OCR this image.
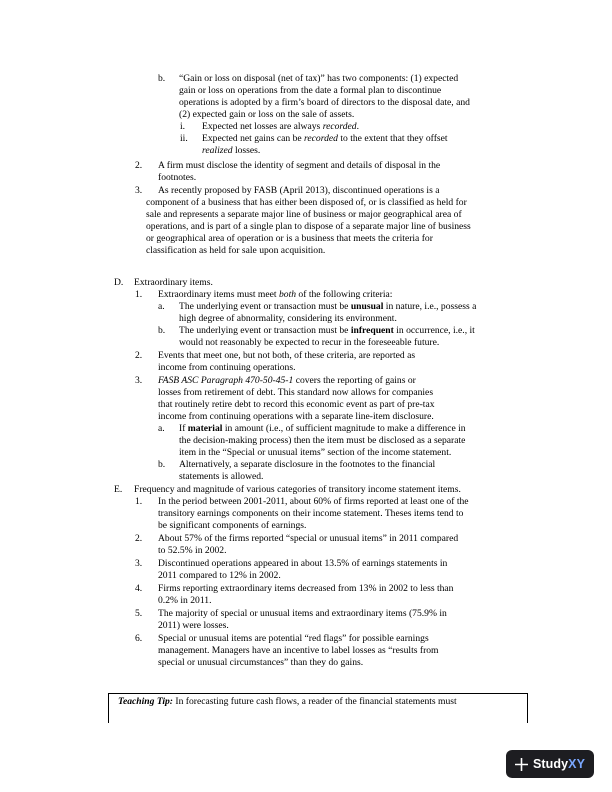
b. “Gain or loss on disposal (net of tax)” has two components: (1) expected
gain or loss on operations from the date a formal plan to discontinue
operations is adopted by a firm’s board of directors to the disposal date, and
(2) expected gain or loss on the sale of assets.
i. Expected net losses are always recorded.
ii. Expected net gains can be recorded to the extent that they offset
realized losses.
2. A firm must disclose the identity of segment and details of disposal in the
footnotes.
3. As recently proposed by FASB (April 2013), discontinued operations is a
component of a business that has either been disposed of, or is classified as held for
sale and represents a separate major line of business or major geographical area of
operations, and is part of a single plan to dispose of a separate major line of business
or geographical area of operation or is a business that meets the criteria for
classification as held for sale upon acquisition.
D. Extraordinary items.
1. Extraordinary items must meet both of the following criteria:
a. The underlying event or transaction must be unusual in nature, i.e., possess a
high degree of abnormality, considering its environment.
b. The underlying event or transaction must be infrequent in occurrence, i.e., it
would not reasonably be expected to recur in the foreseeable future.
2. Events that meet one, but not both, of these criteria, are reported as
income from continuing operations.
3. FASB ASC Paragraph 470-50-45-1 covers the reporting of gains or
losses from retirement of debt. This standard now allows for companies
that routinely retire debt to record this economic event as part of pre-tax
income from continuing operations with a separate line-item disclosure.
a. If material in amount (i.e., of sufficient magnitude to make a difference in
the decision-making process) then the item must be disclosed as a separate
item in the “Special or unusual items” section of the income statement.
b. Alternatively, a separate disclosure in the footnotes to the financial
statements is allowed.
E. Frequency and magnitude of various categories of transitory income statement items.
1. In the period between 2001-2011, about 60% of firms reported at least one of the
transitory earnings components on their income statement. Theses items tend to
be significant components of earnings.
2. About 57% of the firms reported “special or unusual items” in 2011 compared
to 52.5% in 2002.
3. Discontinued operations appeared in about 13.5% of earnings statements in
2011 compared to 12% in 2002.
4. Firms reporting extraordinary items decreased from 13% in 2002 to less than
0.2% in 2011.
5. The majority of special or unusual items and extraordinary items (75.9% in
2011) were losses.
6. Special or unusual items are potential “red flags” for possible earnings
management. Managers have an incentive to label losses as “results from
special or unusual circumstances” than they do gains.
Teaching Tip: In forecasting future cash flows, a reader of the financial statements must
StudyXY
